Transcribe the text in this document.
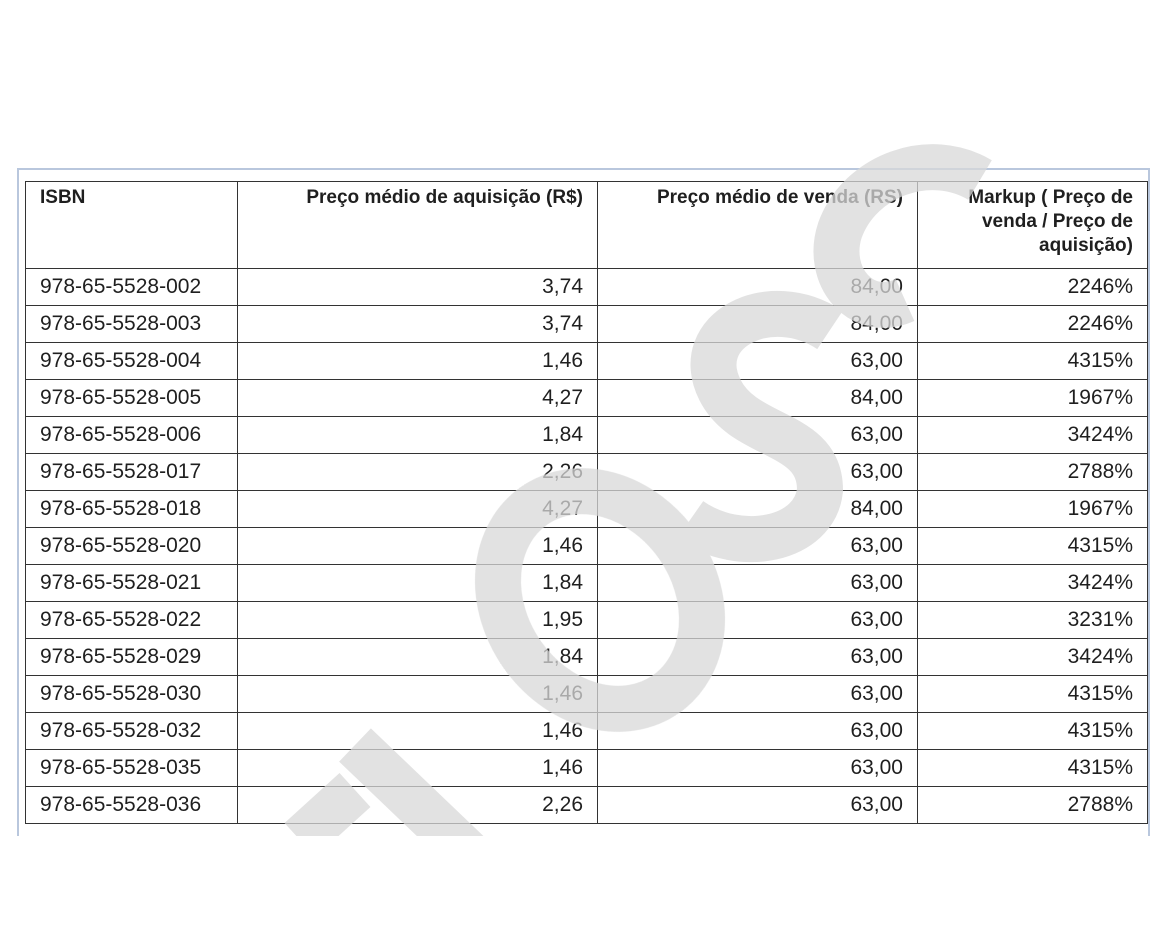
ISBN	Preço médio de aquisição (R$)	Preço médio de venda (RS)	Markup ( Preço de venda / Preço de aquisição)
978-65-5528-002	3,74	84,00	2246%
978-65-5528-003	3,74	84,00	2246%
978-65-5528-004	1,46	63,00	4315%
978-65-5528-005	4,27	84,00	1967%
978-65-5528-006	1,84	63,00	3424%
978-65-5528-017	2,26	63,00	2788%
978-65-5528-018	4,27	84,00	1967%
978-65-5528-020	1,46	63,00	4315%
978-65-5528-021	1,84	63,00	3424%
978-65-5528-022	1,95	63,00	3231%
978-65-5528-029	1,84	63,00	3424%
978-65-5528-030	1,46	63,00	4315%
978-65-5528-032	1,46	63,00	4315%
978-65-5528-035	1,46	63,00	4315%
978-65-5528-036	2,26	63,00	2788%
